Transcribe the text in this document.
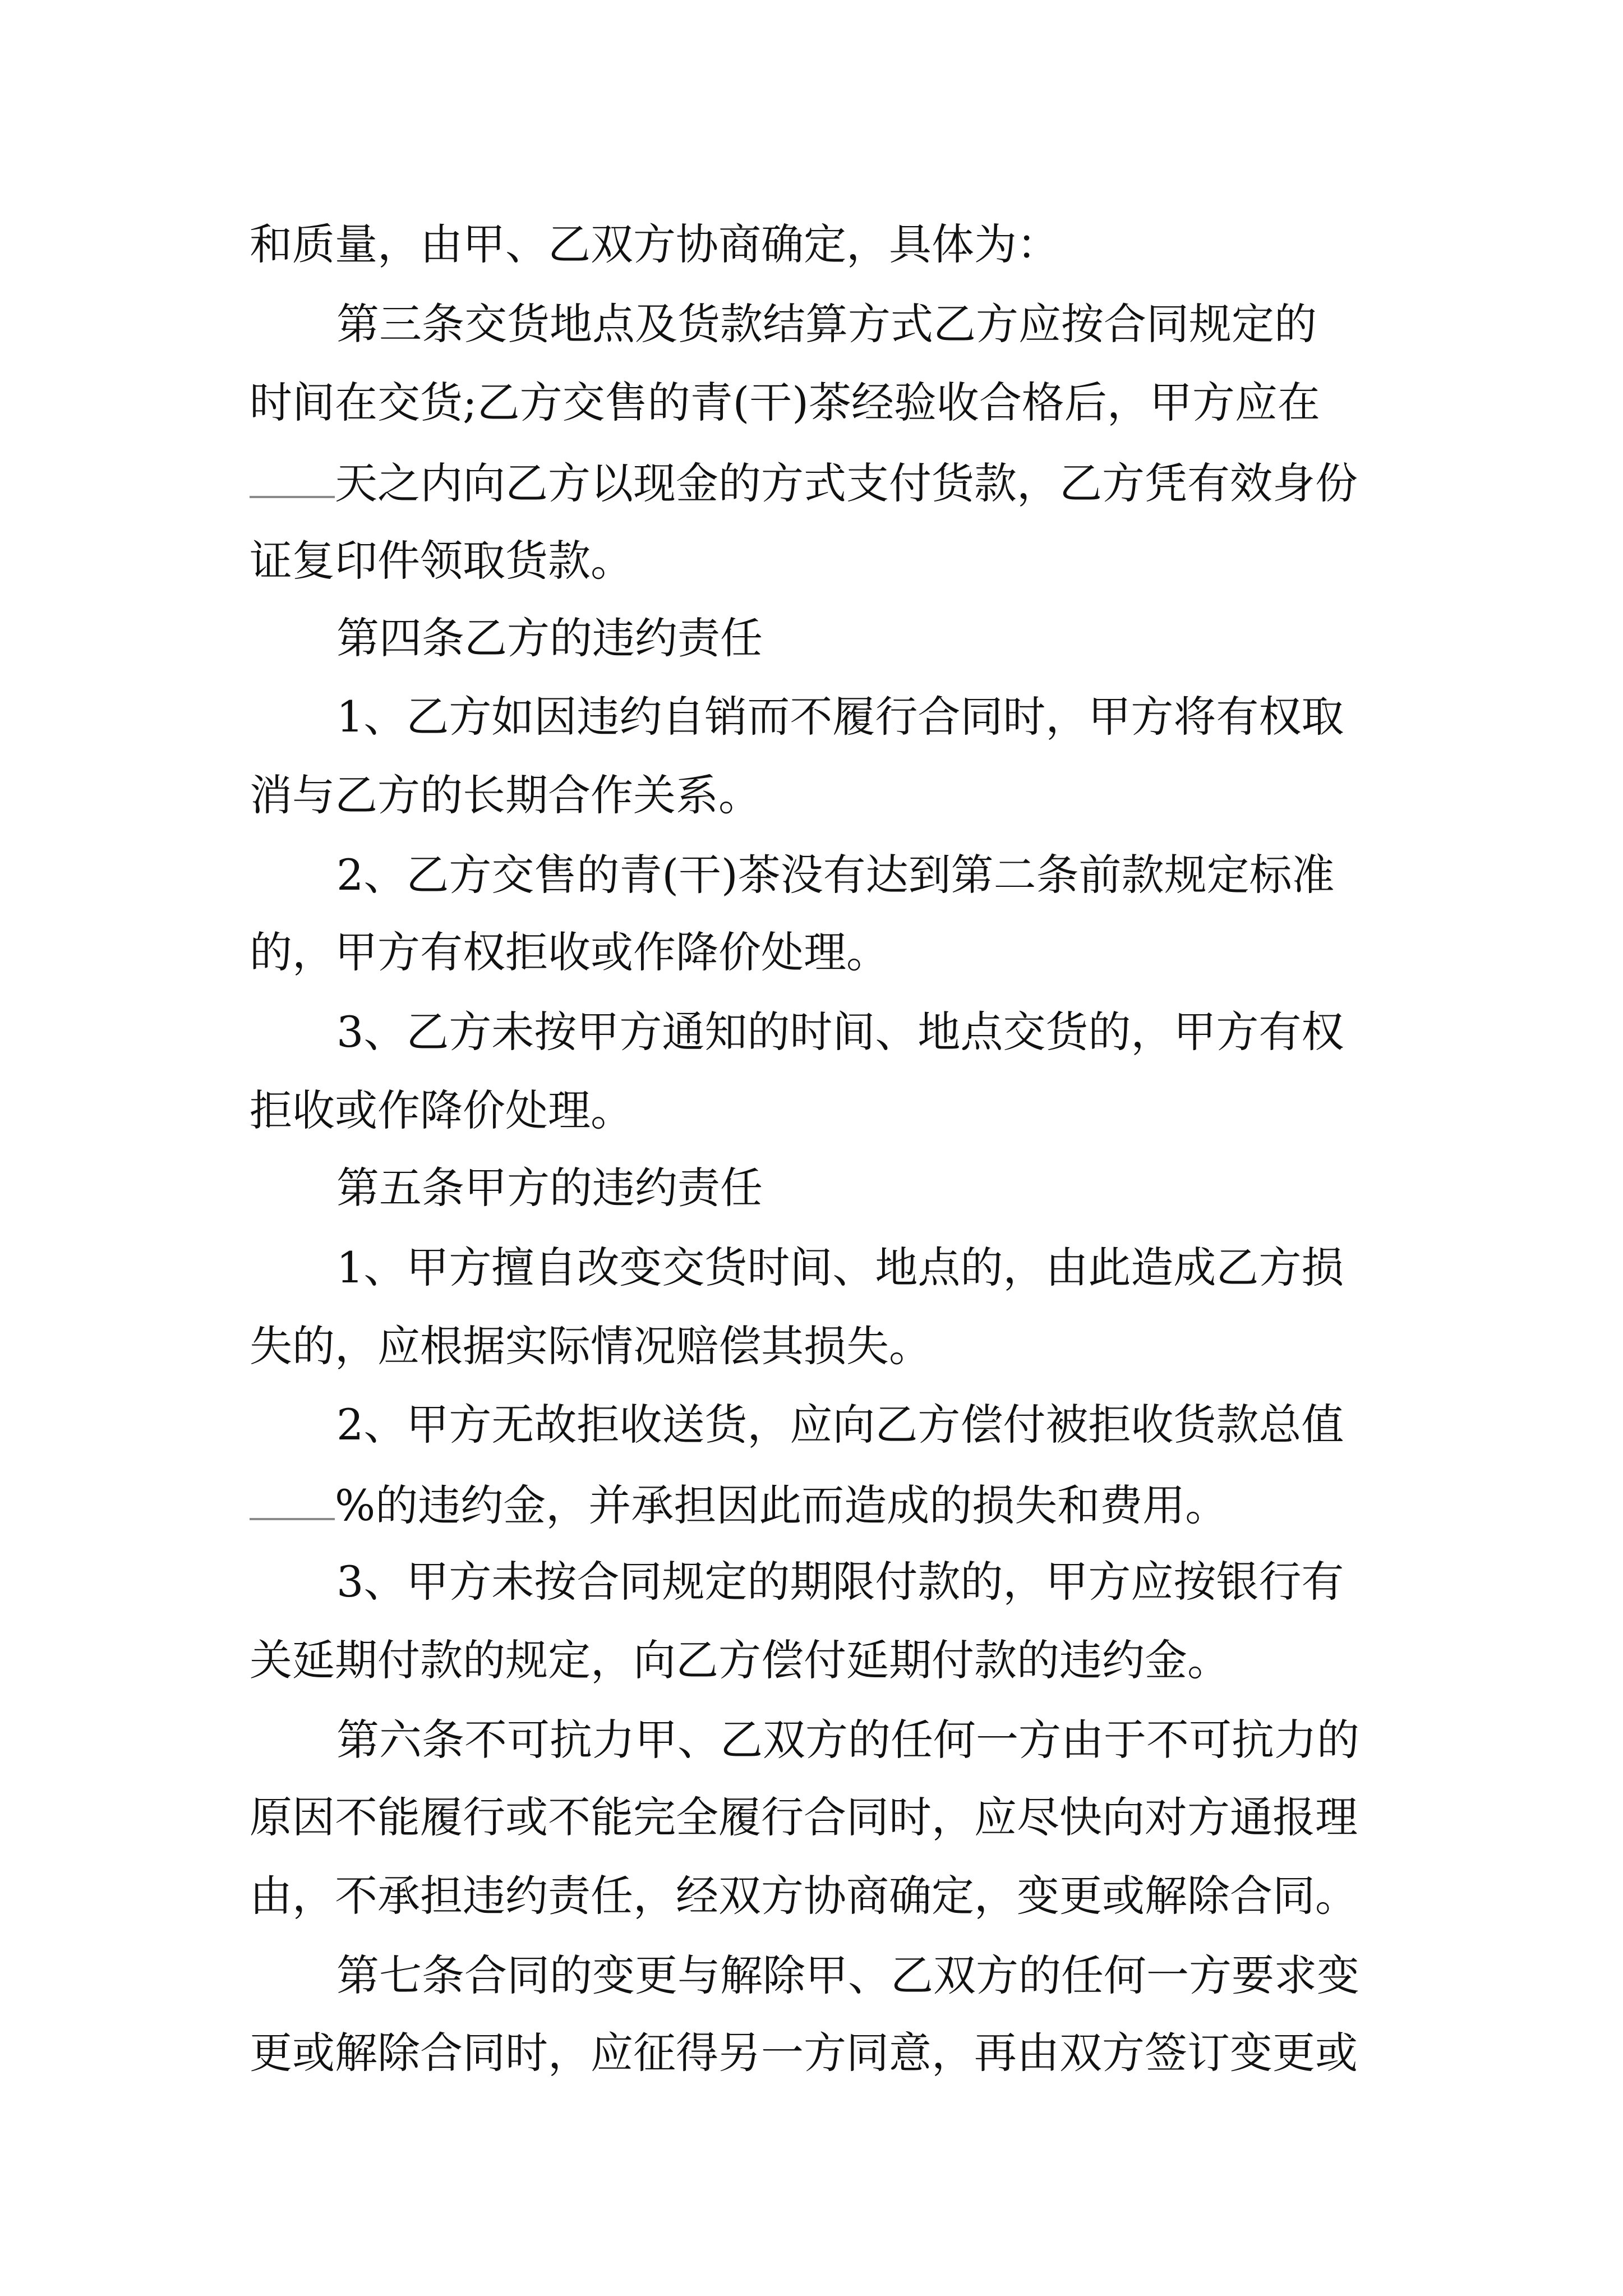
和质量，由甲、乙双方协商确定，具体为：

第三条交货地点及货款结算方式乙方应按合同规定的

时间在交货;乙方交售的青(干)茶经验收合格后，甲方应在

天之内向乙方以现金的方式支付货款，乙方凭有效身份

证复印件领取货款。

第四条乙方的违约责任

1、乙方如因违约自销而不履行合同时，甲方将有权取

消与乙方的长期合作关系。

2、乙方交售的青(干)茶没有达到第二条前款规定标准

的，甲方有权拒收或作降价处理。

3、乙方未按甲方通知的时间、地点交货的，甲方有权

拒收或作降价处理。

第五条甲方的违约责任

1、甲方擅自改变交货时间、地点的，由此造成乙方损

失的，应根据实际情况赔偿其损失。

2、甲方无故拒收送货，应向乙方偿付被拒收货款总值

%的违约金，并承担因此而造成的损失和费用。

3、甲方未按合同规定的期限付款的，甲方应按银行有

关延期付款的规定，向乙方偿付延期付款的违约金。

第六条不可抗力甲、乙双方的任何一方由于不可抗力的

原因不能履行或不能完全履行合同时，应尽快向对方通报理

由，不承担违约责任，经双方协商确定，变更或解除合同。

第七条合同的变更与解除甲、乙双方的任何一方要求变

更或解除合同时，应征得另一方同意，再由双方签订变更或
